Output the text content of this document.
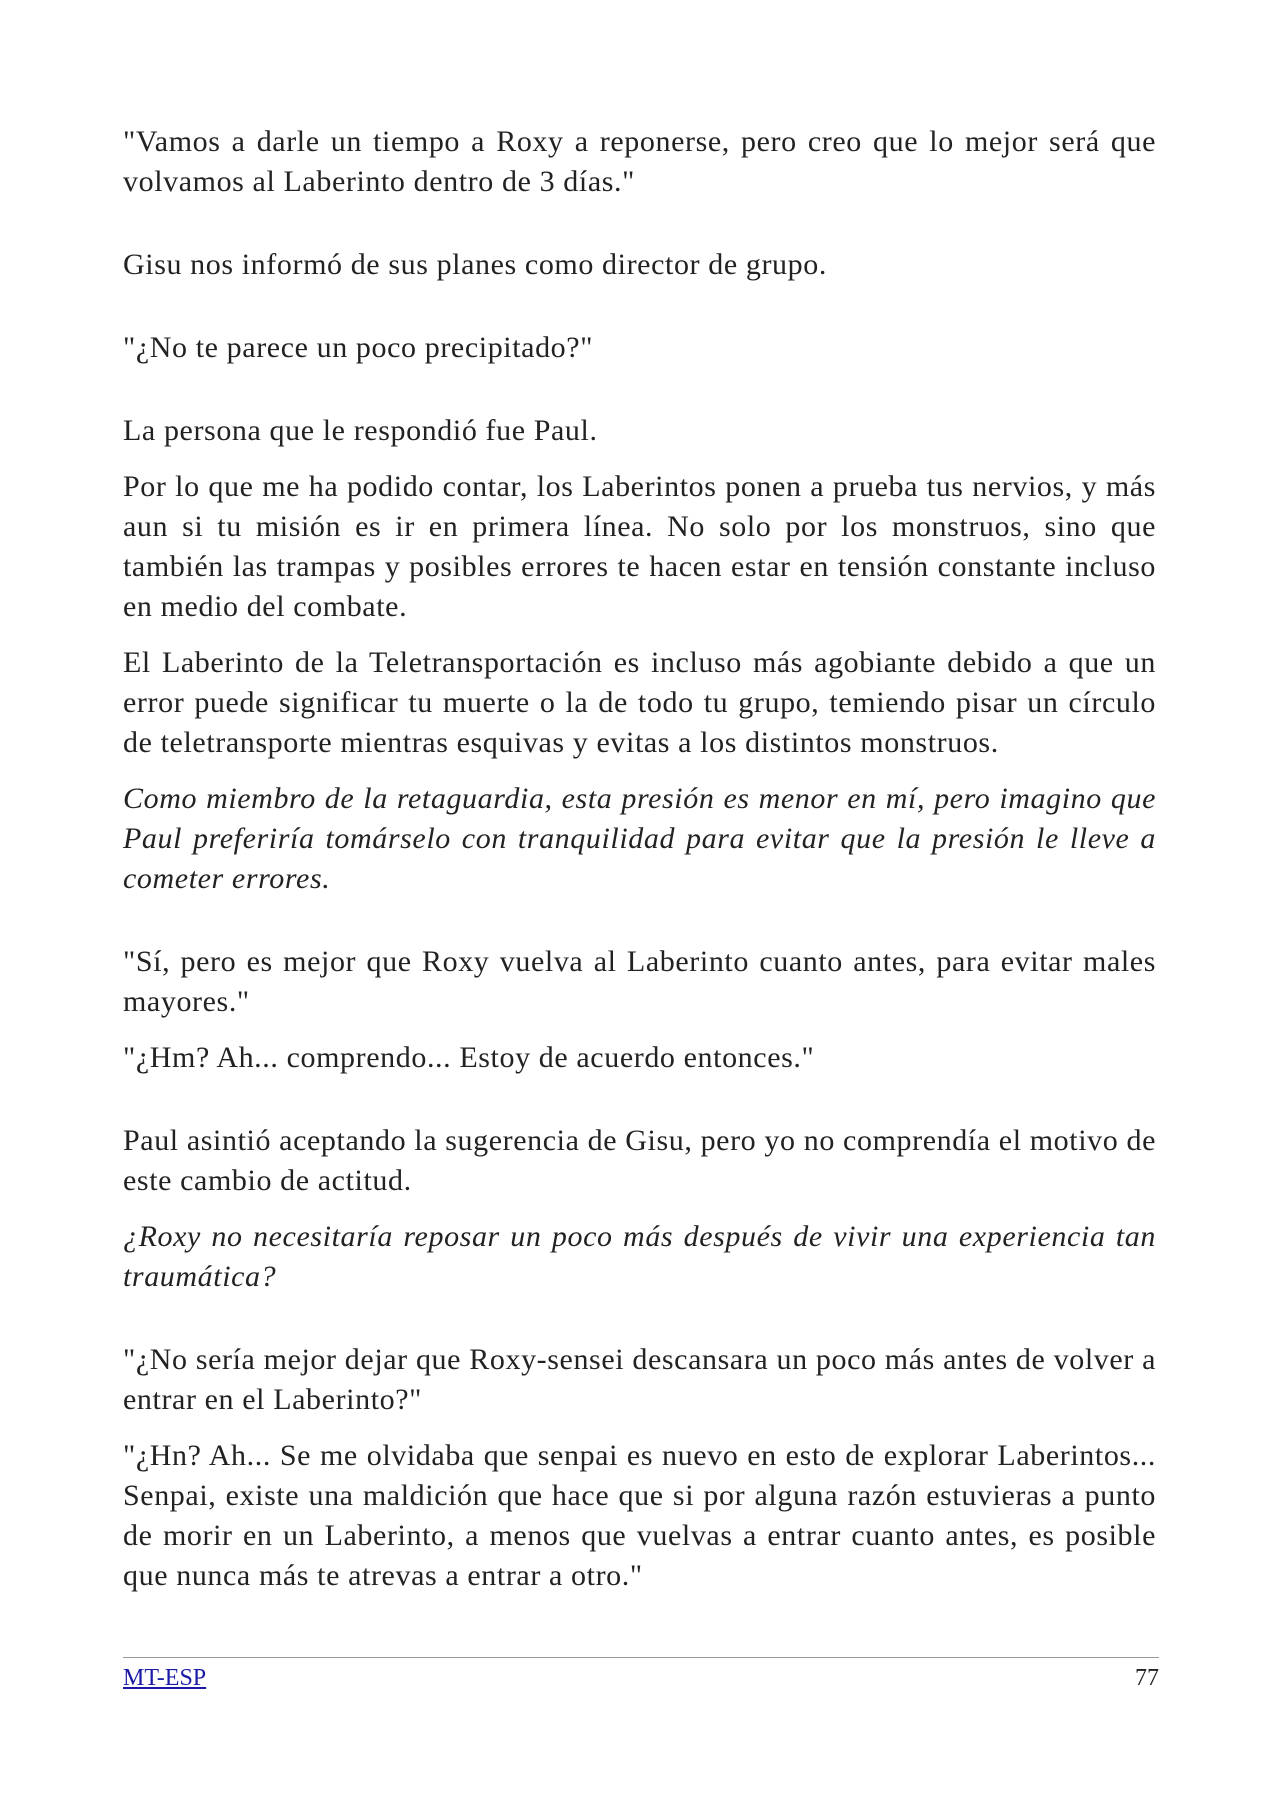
"Vamos a darle un tiempo a Roxy a reponerse, pero creo que lo mejor será que volvamos al Laberinto dentro de 3 días."

Gisu nos informó de sus planes como director de grupo.

"¿No te parece un poco precipitado?"

La persona que le respondió fue Paul.

Por lo que me ha podido contar, los Laberintos ponen a prueba tus nervios, y más aun si tu misión es ir en primera línea. No solo por los monstruos, sino que también las trampas y posibles errores te hacen estar en tensión constante incluso en medio del combate.

El Laberinto de la Teletransportación es incluso más agobiante debido a que un error puede significar tu muerte o la de todo tu grupo, temiendo pisar un círculo de teletransporte mientras esquivas y evitas a los distintos monstruos.

Como miembro de la retaguardia, esta presión es menor en mí, pero imagino que Paul preferiría tomárselo con tranquilidad para evitar que la presión le lleve a cometer errores.

"Sí, pero es mejor que Roxy vuelva al Laberinto cuanto antes, para evitar males mayores."

"¿Hm? Ah... comprendo... Estoy de acuerdo entonces."

Paul asintió aceptando la sugerencia de Gisu, pero yo no comprendía el motivo de este cambio de actitud.

¿Roxy no necesitaría reposar un poco más después de vivir una experiencia tan traumática?

"¿No sería mejor dejar que Roxy-sensei descansara un poco más antes de volver a entrar en el Laberinto?"

"¿Hn? Ah... Se me olvidaba que senpai es nuevo en esto de explorar Laberintos... Senpai, existe una maldición que hace que si por alguna razón estuvieras a punto de morir en un Laberinto, a menos que vuelvas a entrar cuanto antes, es posible que nunca más te atrevas a entrar a otro."

MT-ESP	77
